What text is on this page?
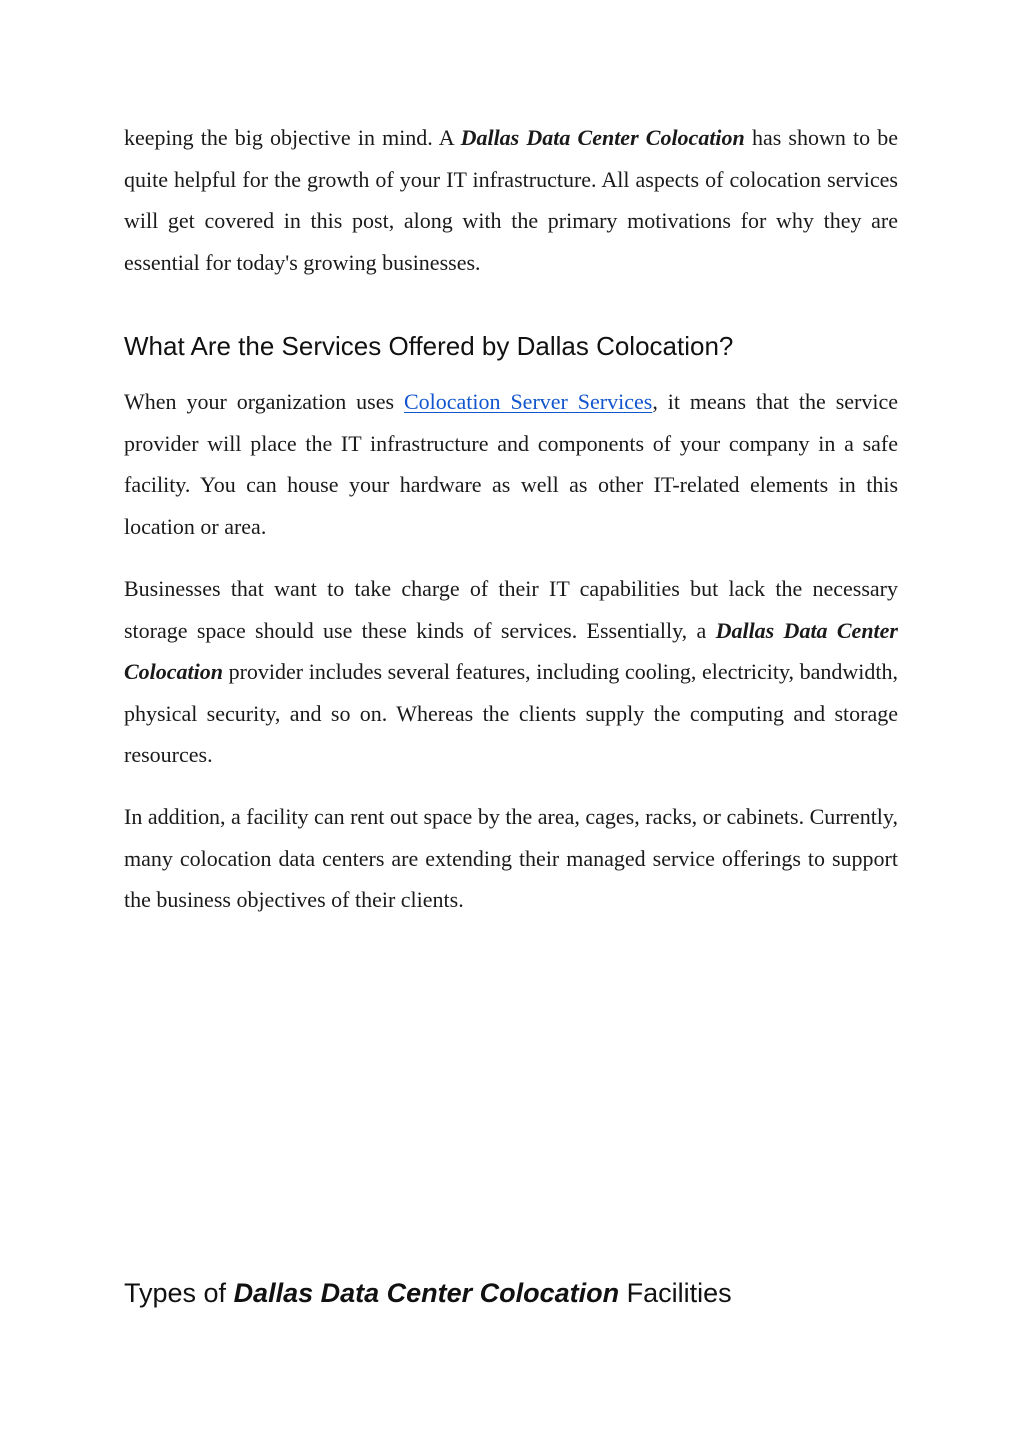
keeping the big objective in mind. A Dallas Data Center Colocation has shown to be quite helpful for the growth of your IT infrastructure. All aspects of colocation services will get covered in this post, along with the primary motivations for why they are essential for today's growing businesses.

What Are the Services Offered by Dallas Colocation?

When your organization uses Colocation Server Services, it means that the service provider will place the IT infrastructure and components of your company in a safe facility. You can house your hardware as well as other IT-related elements in this location or area.

Businesses that want to take charge of their IT capabilities but lack the necessary storage space should use these kinds of services. Essentially, a Dallas Data Center Colocation provider includes several features, including cooling, electricity, bandwidth, physical security, and so on. Whereas the clients supply the computing and storage resources.

In addition, a facility can rent out space by the area, cages, racks, or cabinets. Currently, many colocation data centers are extending their managed service offerings to support the business objectives of their clients.

Types of Dallas Data Center Colocation Facilities
